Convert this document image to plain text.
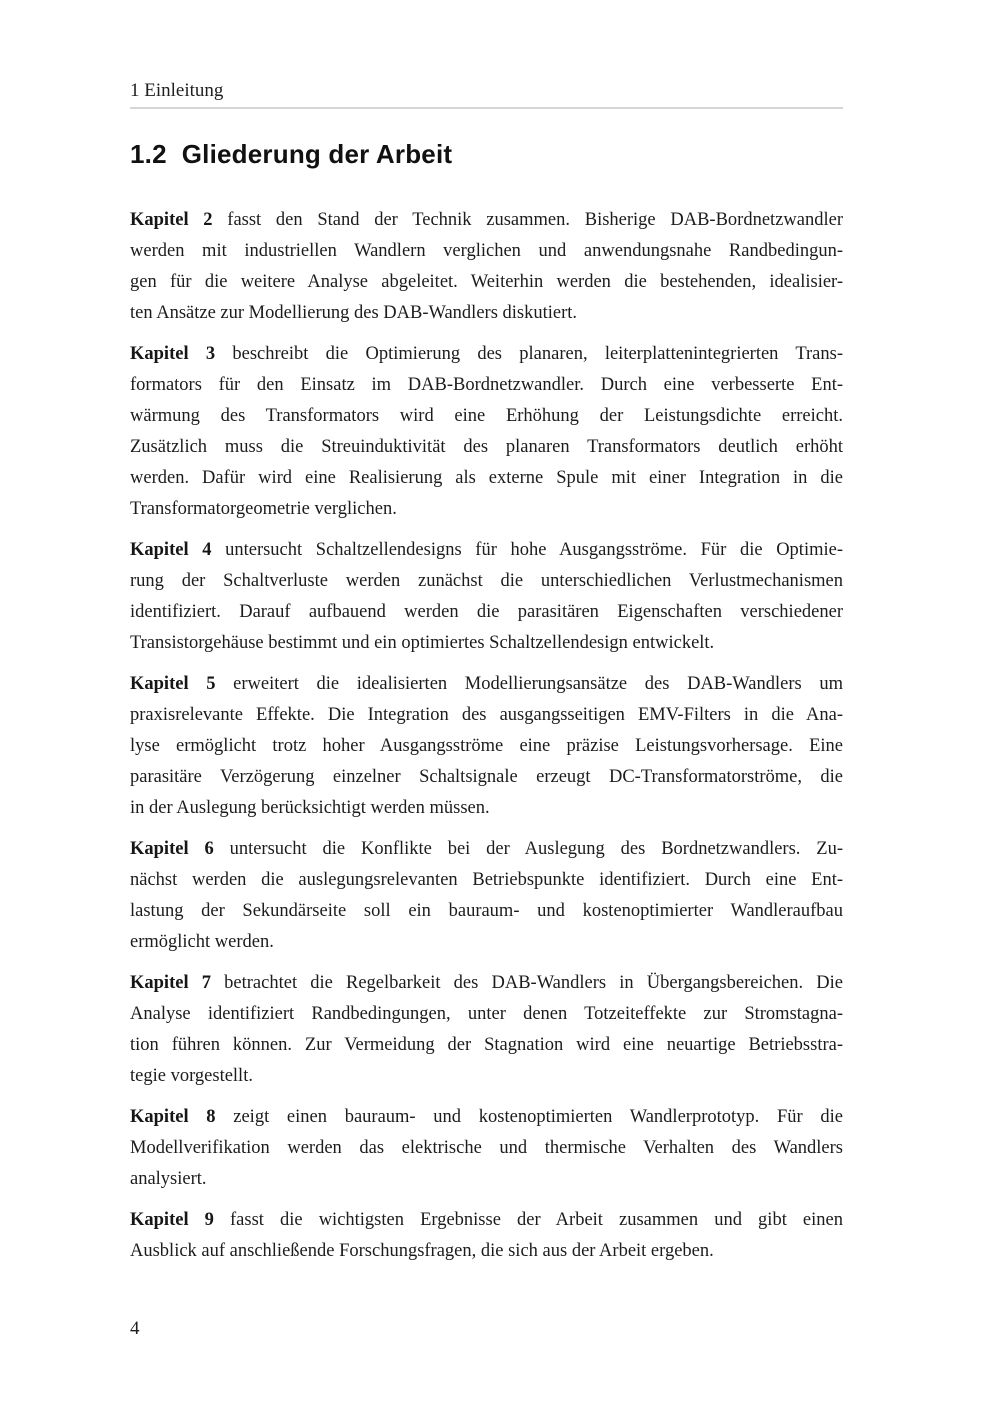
1 Einleitung
1.2 Gliederung der Arbeit
Kapitel 2 fasst den Stand der Technik zusammen. Bisherige DAB-Bordnetzwandler
werden mit industriellen Wandlern verglichen und anwendungsnahe Randbedingun-
gen für die weitere Analyse abgeleitet. Weiterhin werden die bestehenden, idealisier-
ten Ansätze zur Modellierung des DAB-Wandlers diskutiert.
Kapitel 3 beschreibt die Optimierung des planaren, leiterplattenintegrierten Trans-
formators für den Einsatz im DAB-Bordnetzwandler. Durch eine verbesserte Ent-
wärmung des Transformators wird eine Erhöhung der Leistungsdichte erreicht.
Zusätzlich muss die Streuinduktivität des planaren Transformators deutlich erhöht
werden. Dafür wird eine Realisierung als externe Spule mit einer Integration in die
Transformatorgeometrie verglichen.
Kapitel 4 untersucht Schaltzellendesigns für hohe Ausgangsströme. Für die Optimie-
rung der Schaltverluste werden zunächst die unterschiedlichen Verlustmechanismen
identifiziert. Darauf aufbauend werden die parasitären Eigenschaften verschiedener
Transistorgehäuse bestimmt und ein optimiertes Schaltzellendesign entwickelt.
Kapitel 5 erweitert die idealisierten Modellierungsansätze des DAB-Wandlers um
praxisrelevante Effekte. Die Integration des ausgangsseitigen EMV-Filters in die Ana-
lyse ermöglicht trotz hoher Ausgangsströme eine präzise Leistungsvorhersage. Eine
parasitäre Verzögerung einzelner Schaltsignale erzeugt DC-Transformatorströme, die
in der Auslegung berücksichtigt werden müssen.
Kapitel 6 untersucht die Konflikte bei der Auslegung des Bordnetzwandlers. Zu-
nächst werden die auslegungsrelevanten Betriebspunkte identifiziert. Durch eine Ent-
lastung der Sekundärseite soll ein bauraum- und kostenoptimierter Wandleraufbau
ermöglicht werden.
Kapitel 7 betrachtet die Regelbarkeit des DAB-Wandlers in Übergangsbereichen. Die
Analyse identifiziert Randbedingungen, unter denen Totzeiteffekte zur Stromstagna-
tion führen können. Zur Vermeidung der Stagnation wird eine neuartige Betriebsstra-
tegie vorgestellt.
Kapitel 8 zeigt einen bauraum- und kostenoptimierten Wandlerprototyp. Für die
Modellverifikation werden das elektrische und thermische Verhalten des Wandlers
analysiert.
Kapitel 9 fasst die wichtigsten Ergebnisse der Arbeit zusammen und gibt einen
Ausblick auf anschließende Forschungsfragen, die sich aus der Arbeit ergeben.
4
